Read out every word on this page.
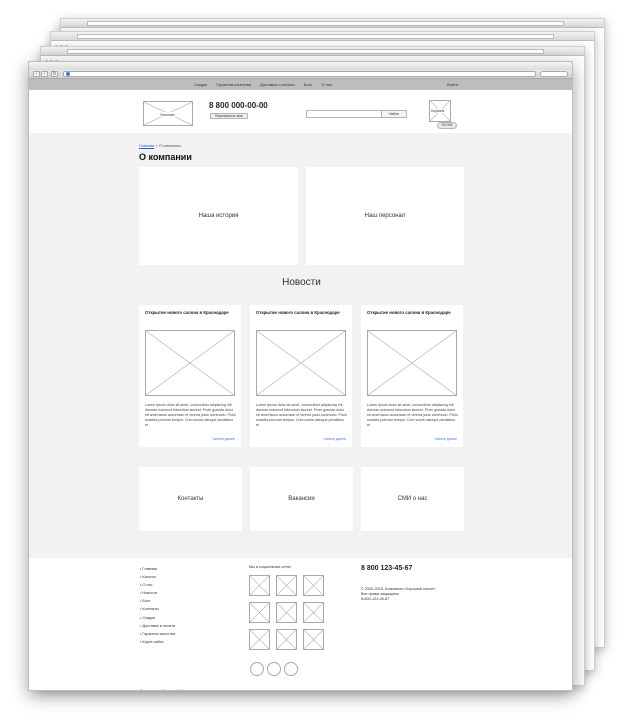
‹	›	↻
Скидки Гарантия качества Доставка и оплата Блог О нас	Войти
Логотип
8 800 000-00-00
Перезвонить мне	Найти
Корзина
00 000
Главная » О компании
О компании
Наша история	Наш персонал
Новости
Открытие нового салона в Краснодаре
Lorem ipsum dolor sit amet, consectetur adipiscing elit. Aenean euismod bibendum laoreet. Proin gravida dolor sit amet lacus accumsan et viverra justo commodo. Proin sodales pulvinar tempor. Cum sociis natoque penatibus et
Читать далее
Открытие нового салона в Краснодаре
Lorem ipsum dolor sit amet, consectetur adipiscing elit. Aenean euismod bibendum laoreet. Proin gravida dolor sit amet lacus accumsan et viverra justo commodo. Proin sodales pulvinar tempor. Cum sociis natoque penatibus et
Читать далее
Открытие нового салона в Краснодаре
Lorem ipsum dolor sit amet, consectetur adipiscing elit. Aenean euismod bibendum laoreet. Proin gravida dolor sit amet lacus accumsan et viverra justo commodo. Proin sodales pulvinar tempor. Cum sociis natoque penatibus et
Читать далее
Контакты	Вакансии	СМИ о нас
• Главная
• Каталог
• О нас
• Новости
• Блог
• Контакты
• Скидки
• Доставка и оплата
• Гарантия качества
• Карта сайта
Мы в социальных сетях	8 800 123-45-67
© 2000-2015. Компания «Хороший салон»
Все права защищены
8-800-123-45-67
Создание сайта — «Нейтоны»
